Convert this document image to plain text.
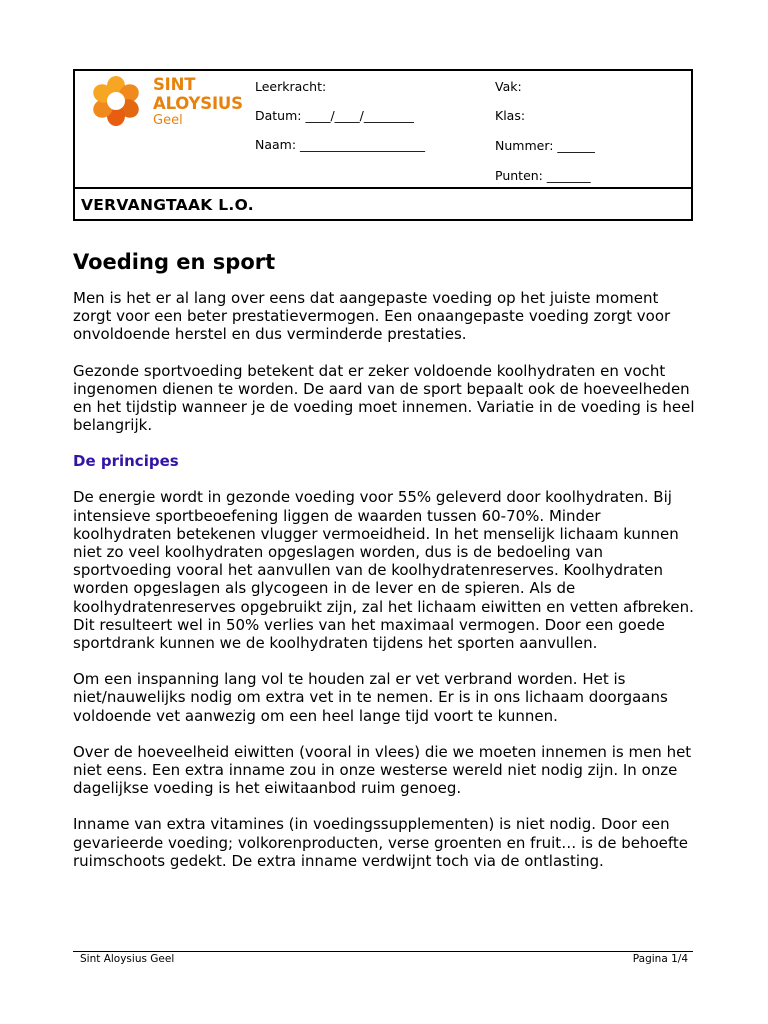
SINT
ALOYSIUS
Geel
Leerkracht:
Datum: ____/____/________
Naam: ____________________
Vak:
Klas:
Nummer: ______
Punten: _______
VERVANGTAAK L.O.
Voeding en sport

Men is het er al lang over eens dat aangepaste voeding op het juiste moment zorgt voor een beter prestatievermogen. Een onaangepaste voeding zorgt voor onvoldoende herstel en dus verminderde prestaties.

Gezonde sportvoeding betekent dat er zeker voldoende koolhydraten en vocht ingenomen dienen te worden. De aard van de sport bepaalt ook de hoeveelheden en het tijdstip wanneer je de voeding moet innemen. Variatie in de voeding is heel belangrijk.

De principes

De energie wordt in gezonde voeding voor 55% geleverd door koolhydraten. Bij intensieve sportbeoefening liggen de waarden tussen 60-70%. Minder koolhydraten betekenen vlugger vermoeidheid. In het menselijk lichaam kunnen niet zo veel koolhydraten opgeslagen worden, dus is de bedoeling van sportvoeding vooral het aanvullen van de koolhydratenreserves. Koolhydraten worden opgeslagen als glycogeen in de lever en de spieren. Als de koolhydratenreserves opgebruikt zijn, zal het lichaam eiwitten en vetten afbreken. Dit resulteert wel in 50% verlies van het maximaal vermogen. Door een goede sportdrank kunnen we de koolhydraten tijdens het sporten aanvullen.

Om een inspanning lang vol te houden zal er vet verbrand worden. Het is niet/nauwelijks nodig om extra vet in te nemen. Er is in ons lichaam doorgaans voldoende vet aanwezig om een heel lange tijd voort te kunnen.

Over de hoeveelheid eiwitten (vooral in vlees) die we moeten innemen is men het niet eens. Een extra inname zou in onze westerse wereld niet nodig zijn. In onze dagelijkse voeding is het eiwitaanbod ruim genoeg.

Inname van extra vitamines (in voedingssupplementen) is niet nodig. Door een gevarieerde voeding; volkorenproducten, verse groenten en fruit… is de behoefte ruimschoots gedekt. De extra inname verdwijnt toch via de ontlasting.

Sint Aloysius Geel	Pagina 1/4
